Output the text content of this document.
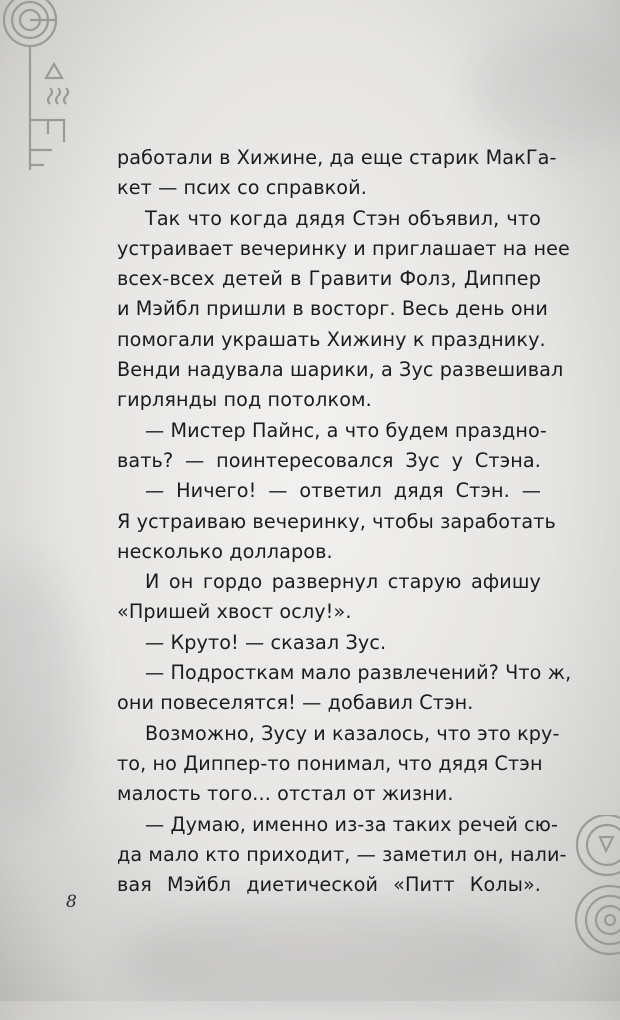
работали в Хижине, да еще старик МакГа-
кет — псих со справкой.
Так что когда дядя Стэн объявил, что
устраивает вечеринку и приглашает на нее
всех-всех детей в Гравити Фолз, Диппер
и Мэйбл пришли в восторг. Весь день они
помогали украшать Хижину к празднику.
Венди надувала шарики, а Зус развешивал
гирлянды под потолком.
— Мистер Пайнс, а что будем праздно-
вать? — поинтересовался Зус у Стэна.
— Ничего! — ответил дядя Стэн. —
Я устраиваю вечеринку, чтобы заработать
несколько долларов.
И он гордо развернул старую афишу
«Пришей хвост ослу!».
— Круто! — сказал Зус.
— Подросткам мало развлечений? Что ж,
они повеселятся! — добавил Стэн.
Возможно, Зусу и казалось, что это кру-
то, но Диппер-то понимал, что дядя Стэн
малость того... отстал от жизни.
— Думаю, именно из-за таких речей сю-
да мало кто приходит, — заметил он, нали-
вая Мэйбл диетической «Питт Колы».
8
